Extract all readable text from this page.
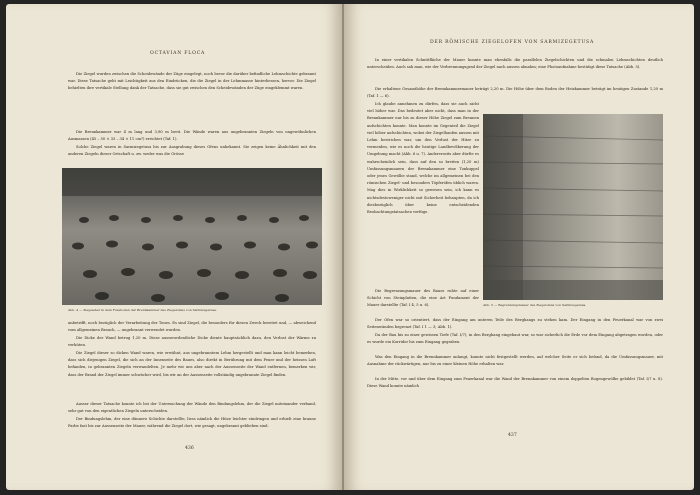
OCTAVIAN FLOCA

Die Ziegel wurden zwischen die Scheidewände der Züge eingelegt, noch bevor die darüber befindliche Lehmschichte gebrannt war. Diese Tatsache geht mit Leichtigkeit aus den Eindrücken, die die Ziegel in der Lehmmasse hinterliessen, hervor. Die Ziegel behielten ihre vertikale Stellung dank der Tatsache, dass sie gut zwischen den Scheidewänden der Züge eingeklemmt waren.

Die Brennkammer war 4 m lang und 3,80 m breit. Die Wände waren aus ungebrannten Ziegeln von ungewöhnlichen Ausmassen (45 – 50 × 33 – 34 × 11 cm?) errichtet (Taf. 1).

Solche Ziegel waren in Sarmizegetusa bis zur Ausgrabung dieses Ofens unbekannt. Sie zeigen keine Ähnlichkeit mit den anderen Ziegeln dieser Ortschaft u. zw. weder was die Grösse

Abb. 4 — Ziegeleher in dem Fussboden der Brennkammer des Ziegelofens von Sarmizegetusa.

anbetrifft, noch bezüglich der Verarbeitung der Tones. Es sind Ziegel, die besonders für diesen Zweck bereitet und, — abweichend vom allgemeinen Brauch, — ungebrannt verwendet wurden.

Die Dicke der Wand betrug 1,20 m. Diese ausserordentliche Dicke diente hauptsächlich dazu, den Verlust der Wärme zu verhüten.

Die Ziegel dieser so dicken Wand waren, wie erwähnt, aus ungebranntem Lehm hergestellt und man kann leicht bemerken, dass sich diejenigen Ziegel, die sich an der Innenseite des Baues, also direkt in Berührung mit dem Feuer und der heissen Luft befanden, in gebrannten Ziegeln verwandelten. Je mehr wir uns aber nach der Aussenseite der Wand entfernen, bemerken wir, dass der Brand der Ziegel immer schwächer wird, bis wir an der Aussenseite vollständig ungebrannte Ziegel finden.

Ausser dieser Tatsache konnte ich bei der Untersuchung der Wände den Bindungslehm, der die Ziegel miteinander verband, sehr gut von den eigentlichen Ziegeln unterscheiden.

Der Bindungslehm, der eine dünnere Schichte darstellte, liess nämlich die Hitze leichter eindringen und erhielt eine braune Farbe fast bis zur Aussenseite der Mauer, während die Ziegel dort, wie gesagt, ungebrannt geblieben sind.

436
DER RÖMISCHE ZIEGELOFEN VON SARMIZEGETUSA

In einer vertikalen Schnittfläche der Mauer konnte man ebenfalls die parallelen Ziegelschichten und die schmalen Lehmschichten deutlich unterscheiden. Auch sah man, wie der Verbrennungsgrad der Ziegel nach aussen abnahm; eine Photoaufnahme bestätigt diese Tatsache (Abb. 5).

Die erhaltene Gesamthöhe der Brennkammermauer beträgt 2,20 m. Die Höhe über dem Boden der Heizkammer beträgt im heutigen Zustande 1,20 m (Taf. 1 — 6).

Ich glaube annehmen zu dürfen, dass sie auch nicht viel höher war. Das bedeutet aber nicht, dass man in der Brennkammer nur bis zu dieser Höhe Ziegel zum Brennen aufschichten konnte. Man konnte im Gegenteil die Ziegel viel höher aufschichten, wobei der Ziegelhaufen aussen mit Lehm bestrichen war, um den Verlust der Hitze zu vermeiden, wie es noch die heutige Landbevölkerung der Umgebung macht (Abb. 6 u. 7). Andererseits aber dürfte es wahrscheinlich sein, dass auf den so breiten (1,20 m) Umfassungsmauern der Brennkammer eine Tonkuppel oder jenes Gewölbe stand, welche im allgemeinen bei den römischen Ziegel- und besonders Töpferöfen üblich waren. Mag dies in Wirklichkeit so gewesen sein, ich kann es nichtsdestoweniger nicht mit Sicherheit behaupten, da ich diesbezüglich über keine entscheidenden Beobachtungstatsachen verfüge.

Die Begrenzungsmauer des Baues ruhte auf einer Schicht von Steinplatten, die eine Art Fundament der Mauer darstellte (Taf. I 4, 5 u. 6).	Abb. 5 — Begrenzungsmauer des Ziegelofens von Sarmizegetusa.

Der Ofen war so orientiert, dass der Eingang am unteren Teile des Berghangs zu stehen kam. Der Eingang in den Feuerkanal war von zwei Seitenwänden begrenzt (Taf. I 1 — 3; Abb. 1).

Da der Bau bis zu einer gewissen Tiefe (Taf. I/7), in den Berghang eingebaut war, so war sicherlich die Erde vor dem Eingang abgetragen worden, oder es wurde ein Korridor bis zum Eingang gegraben.

Was den Eingang in die Brennkammer anlangt, konnte nicht festgestellt werden, auf welcher Seite er sich befand, da die Umfassungsmauer, mit Ausnahme der rückwärtigen, nur bis zu einer kleinen Höhe erhalten war.

In der Mitte, vor und über dem Eingang zum Feuerkanal war die Wand der Brennkammer von einem doppelten Bogengewölbe gebildet (Taf. I/7 u. 8). Diese Wand konnte nämlich

437
